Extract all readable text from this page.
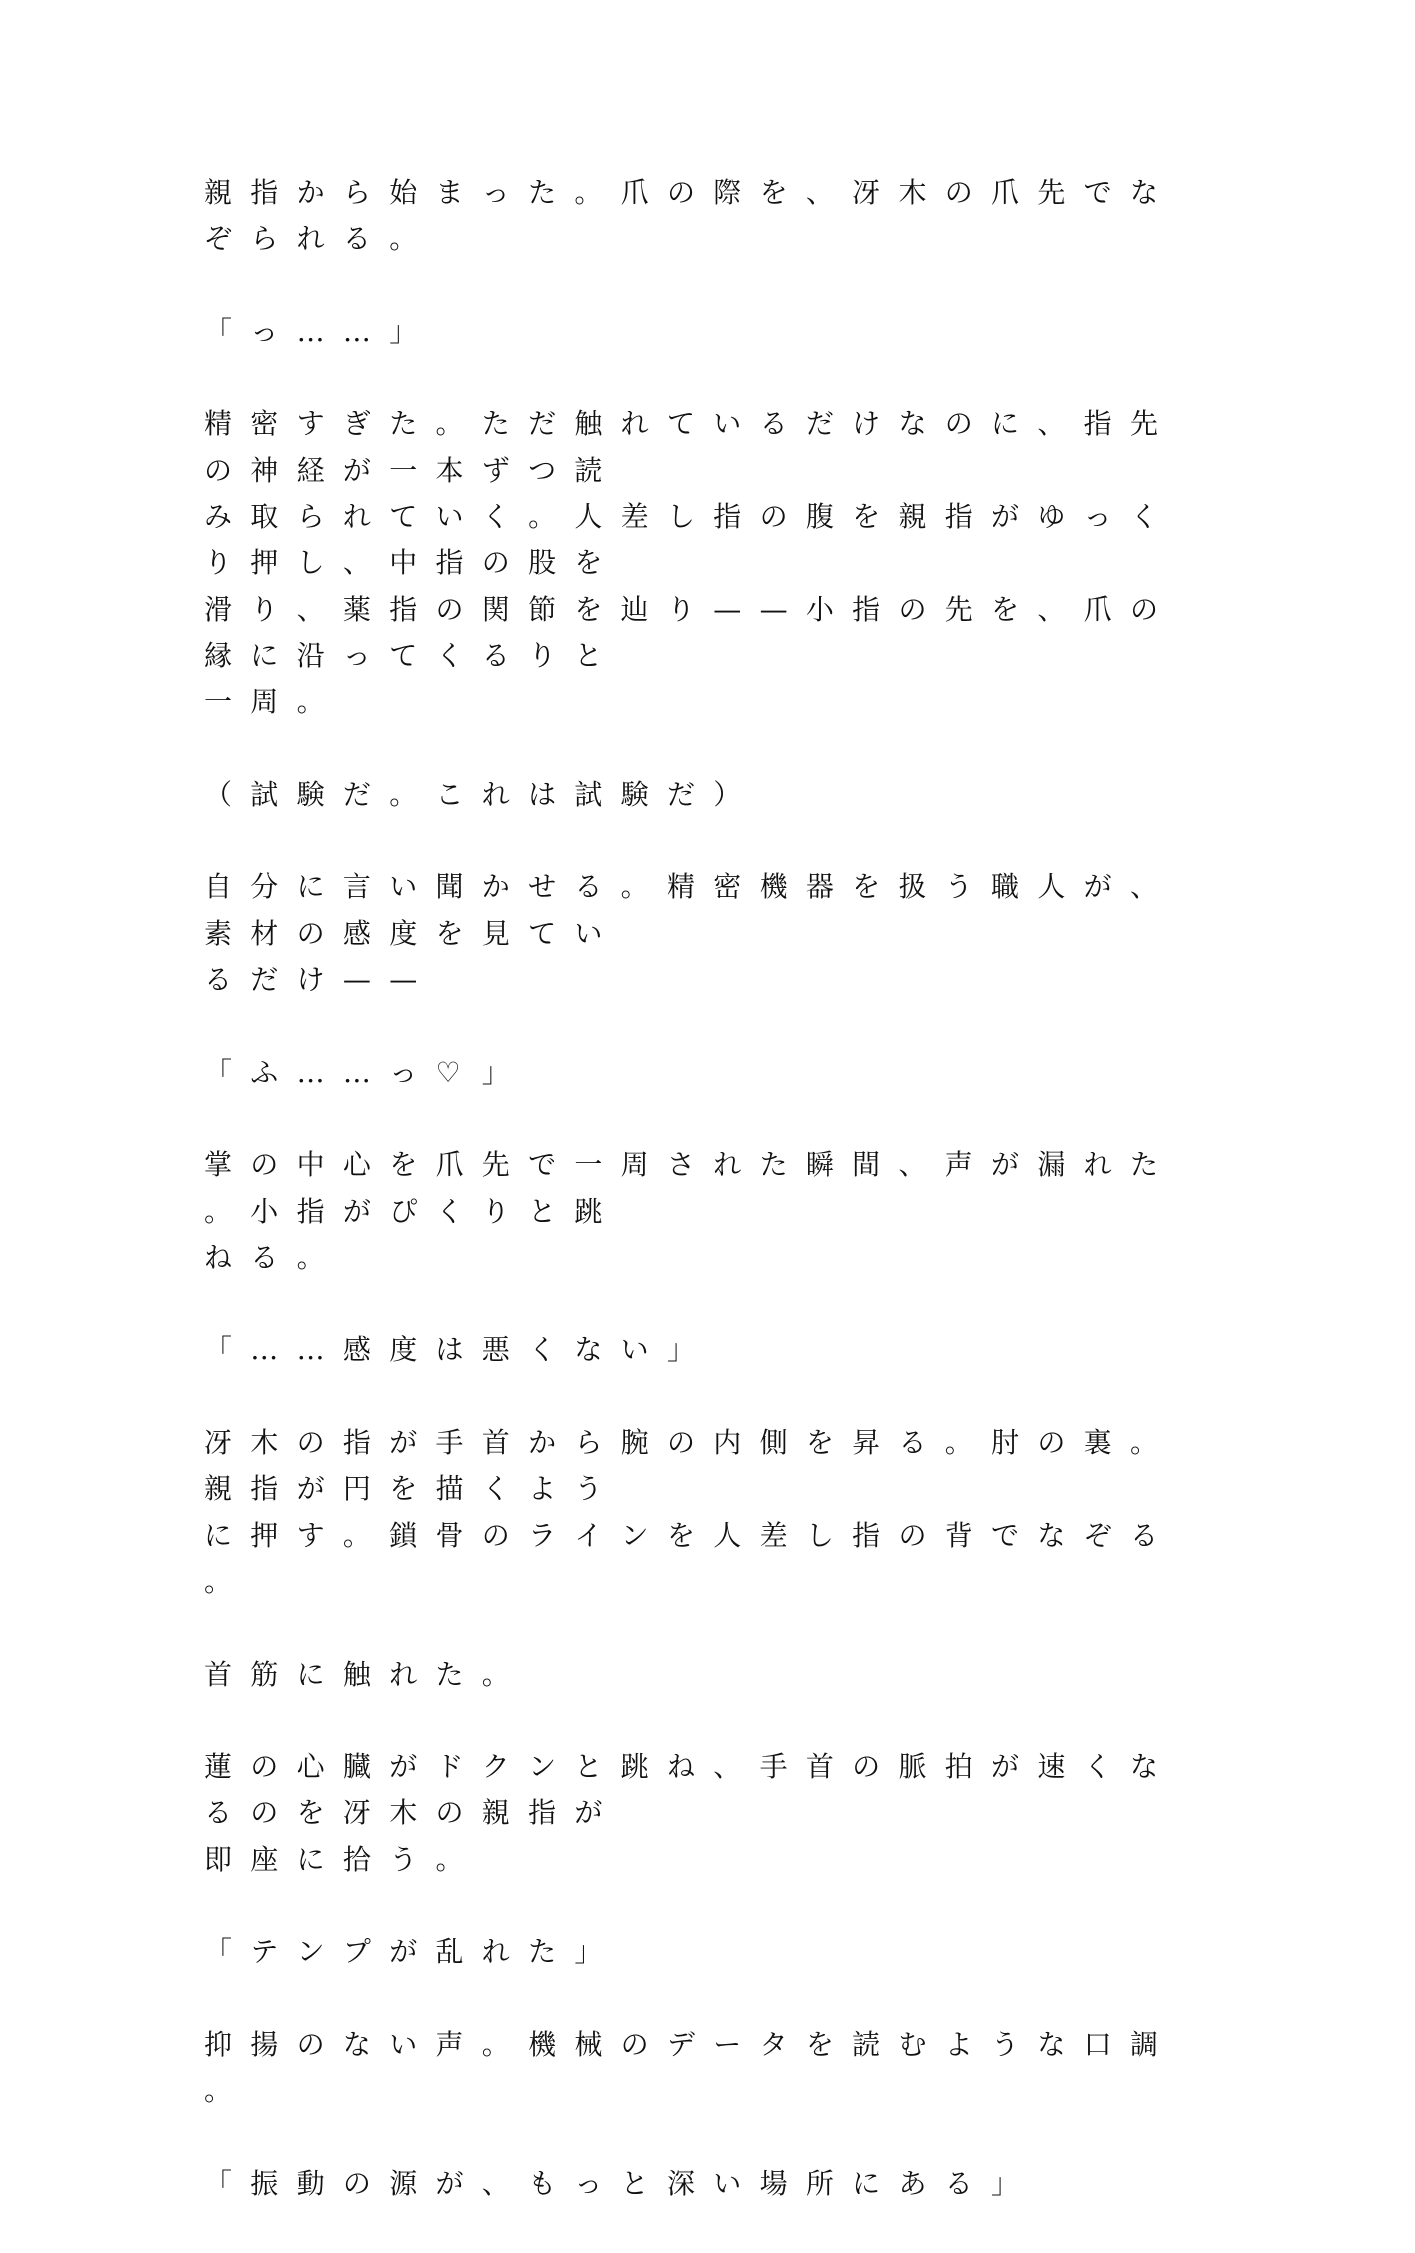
親 指 か ら 始 ま っ た 。 爪 の 際 を 、 冴 木 の 爪 先 で なぞ ら れ る 。
「 っ … … 」
精 密 す ぎ た 。 た だ 触 れ て い る だ け な の に 、 指 先の 神 経 が 一 本 ず つ 読
み 取 ら れ て い く 。 人 差 し 指 の 腹 を 親 指 が ゆ っ くり 押 し 、 中 指 の 股 を
滑 り 、 薬 指 の 関 節 を 辿 り — — 小 指 の 先 を 、 爪 の縁 に 沿 っ て く る り と
一 周 。
（ 試 験 だ 。 こ れ は 試 験 だ ）
自 分 に 言 い 聞 か せ る 。 精 密 機 器 を 扱 う 職 人 が 、素 材 の 感 度 を 見 て い
る だ け — —
「 ふ … … っ ♡ 」
掌 の 中 心 を 爪 先 で 一 周 さ れ た 瞬 間 、 声 が 漏 れ た。 小 指 が ぴ く り と 跳
ね る 。
「 … … 感 度 は 悪 く な い 」
冴 木 の 指 が 手 首 か ら 腕 の 内 側 を 昇 る 。 肘 の 裏 。親 指 が 円 を 描 く よ う
に 押 す 。 鎖 骨 の ラ イ ン を 人 差 し 指 の 背 で な ぞ る。
首 筋 に 触 れ た 。
蓮 の 心 臓 が ド ク ン と 跳 ね 、 手 首 の 脈 拍 が 速 く なる の を 冴 木 の 親 指 が
即 座 に 拾 う 。
「 テ ン プ が 乱 れ た 」
抑 揚 の な い 声 。 機 械 の デ ー タ を 読 む よ う な 口 調。
「 振 動 の 源 が 、 も っ と 深 い 場 所 に あ る 」
